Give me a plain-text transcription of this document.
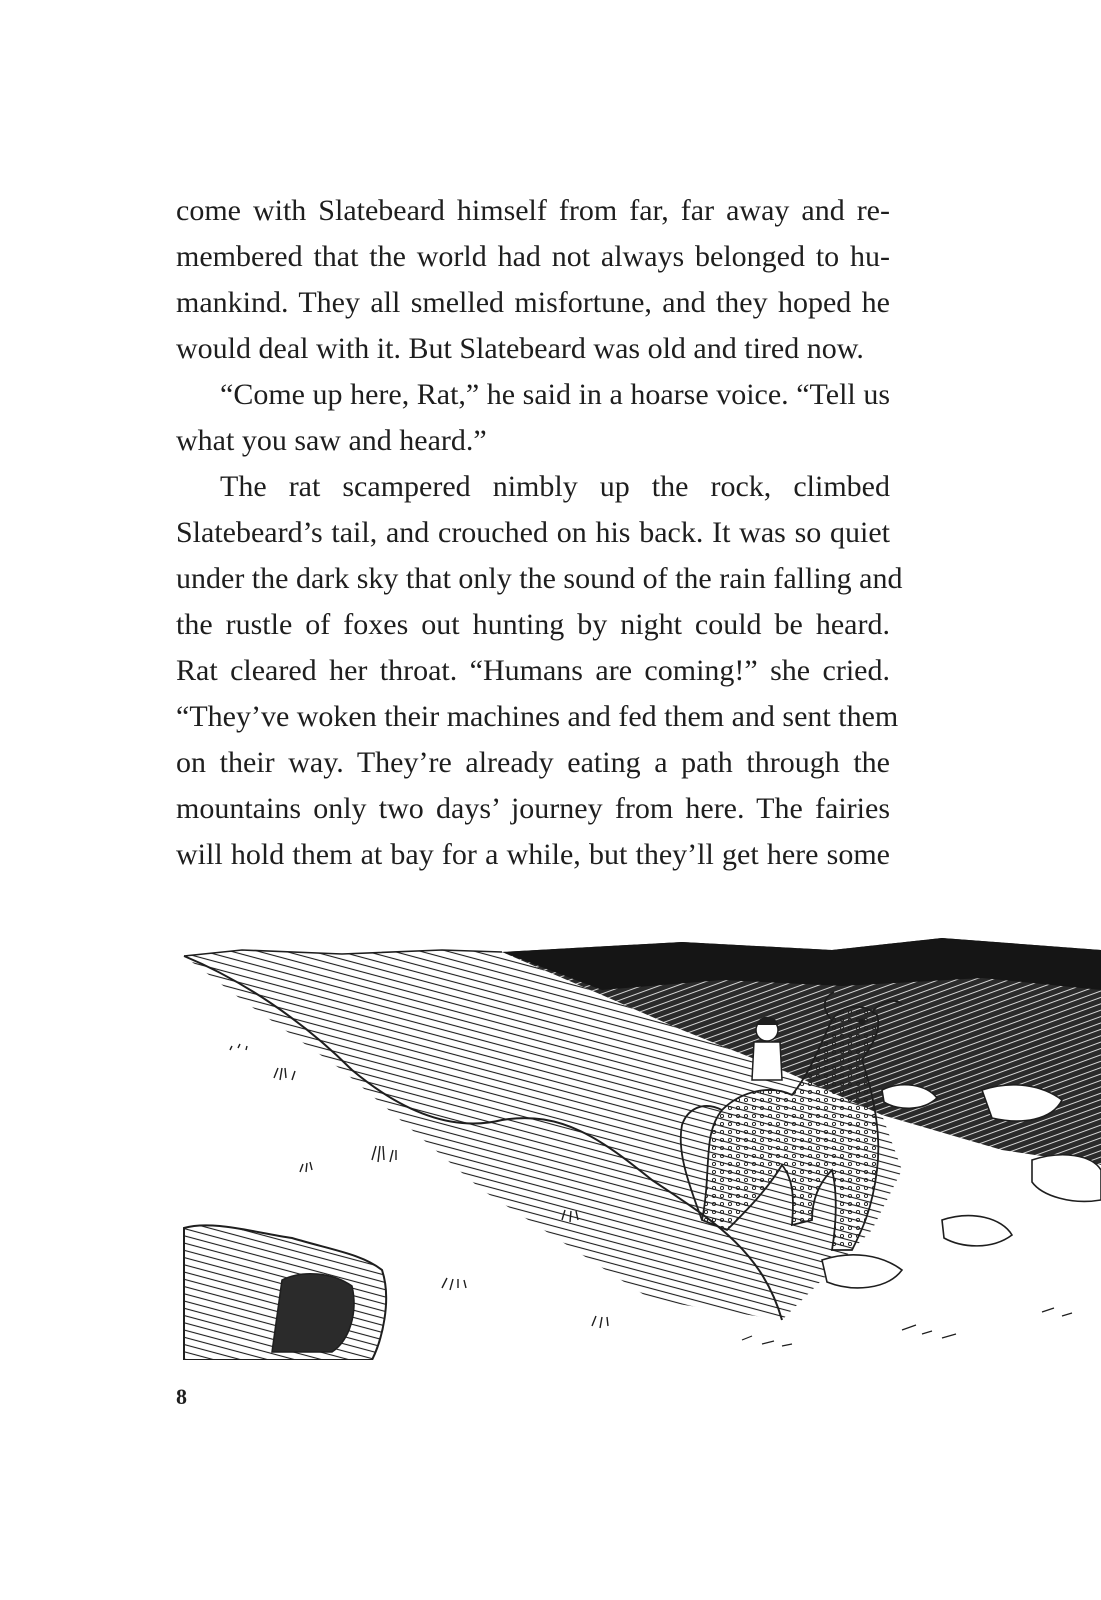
come with Slatebeard himself from far, far away and re-
membered that the world had not always belonged to hu-
mankind. They all smelled misfortune, and they hoped he
would deal with it. But Slatebeard was old and tired now.
“Come up here, Rat,” he said in a hoarse voice. “Tell us
what you saw and heard.”
The rat scampered nimbly up the rock, climbed
Slatebeard’s tail, and crouched on his back. It was so quiet
under the dark sky that only the sound of the rain falling and
the rustle of foxes out hunting by night could be heard.
Rat cleared her throat. “Humans are coming!” she cried.
“They’ve woken their machines and fed them and sent them
on their way. They’re already eating a path through the
mountains only two days’ journey from here. The fairies
will hold them at bay for a while, but they’ll get here some
8
